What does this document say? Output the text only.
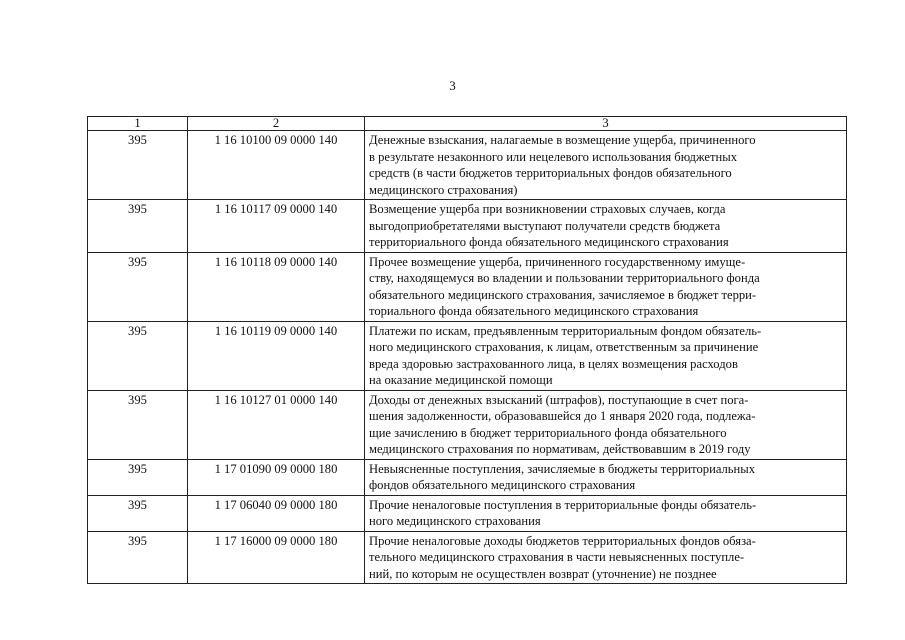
3
1	2	3
395	1 16 10100 09 0000 140	Денежные взыскания, налагаемые в возмещение ущерба, причиненного
в результате незаконного или нецелевого использования бюджетных
средств (в части бюджетов территориальных фондов обязательного
медицинского страхования)

395	1 16 10117 09 0000 140	Возмещение ущерба при возникновении страховых случаев, когда
выгодоприобретателями выступают получатели средств бюджета
территориального фонда обязательного медицинского страхования

395	1 16 10118 09 0000 140	Прочее возмещение ущерба, причиненного государственному имуще-
ству, находящемуся во владении и пользовании территориального фонда
обязательного медицинского страхования, зачисляемое в бюджет терри-
ториального фонда обязательного медицинского страхования

395	1 16 10119 09 0000 140	Платежи по искам, предъявленным территориальным фондом обязатель-
ного медицинского страхования, к лицам, ответственным за причинение
вреда здоровью застрахованного лица, в целях возмещения расходов
на оказание медицинской помощи

395	1 16 10127 01 0000 140	Доходы от денежных взысканий (штрафов), поступающие в счет пога-
шения задолженности, образовавшейся до 1 января 2020 года, подлежа-
щие зачислению в бюджет территориального фонда обязательного
медицинского страхования по нормативам, действовавшим в 2019 году

395	1 17 01090 09 0000 180	Невыясненные поступления, зачисляемые в бюджеты территориальных
фондов обязательного медицинского страхования

395	1 17 06040 09 0000 180	Прочие неналоговые поступления в территориальные фонды обязатель-
ного медицинского страхования

395	1 17 16000 09 0000 180	Прочие неналоговые доходы бюджетов территориальных фондов обяза-
тельного медицинского страхования в части невыясненных поступле-
ний, по которым не осуществлен возврат (уточнение) не позднее
